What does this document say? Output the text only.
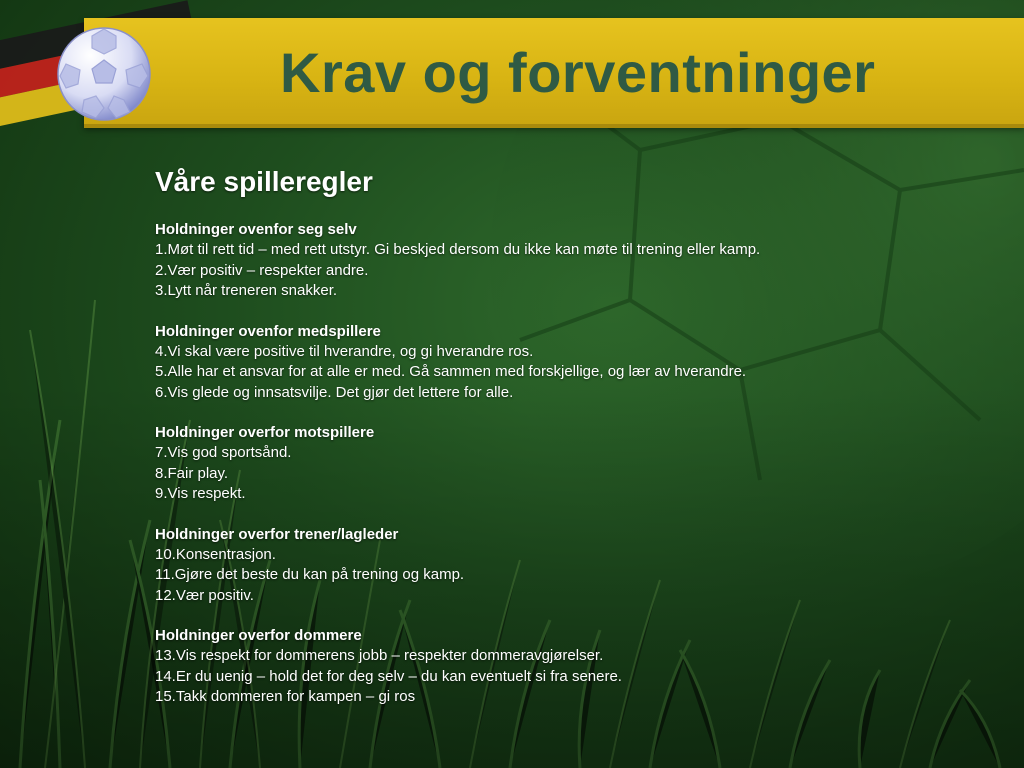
Krav og forventninger
Våre spilleregler
Holdninger ovenfor seg selv
1.Møt til rett tid – med rett utstyr. Gi beskjed dersom du ikke kan møte til trening eller kamp.
2.Vær positiv – respekter andre.
3.Lytt når treneren snakker.
Holdninger ovenfor medspillere
4.Vi skal være positive til hverandre, og gi hverandre ros.
5.Alle har et ansvar for at alle er med. Gå sammen med forskjellige, og lær av hverandre.
6.Vis glede og innsatsvilje. Det gjør det lettere for alle.
Holdninger overfor motspillere
7.Vis god sportsånd.
8.Fair play.
9.Vis respekt.
Holdninger overfor trener/lagleder
10.Konsentrasjon.
11.Gjøre det beste du kan på trening og kamp.
12.Vær positiv.
Holdninger overfor dommere
13.Vis respekt for dommerens jobb – respekter dommeravgjørelser.
14.Er du uenig – hold det for deg selv – du kan eventuelt si fra senere.
15.Takk dommeren for kampen – gi ros
